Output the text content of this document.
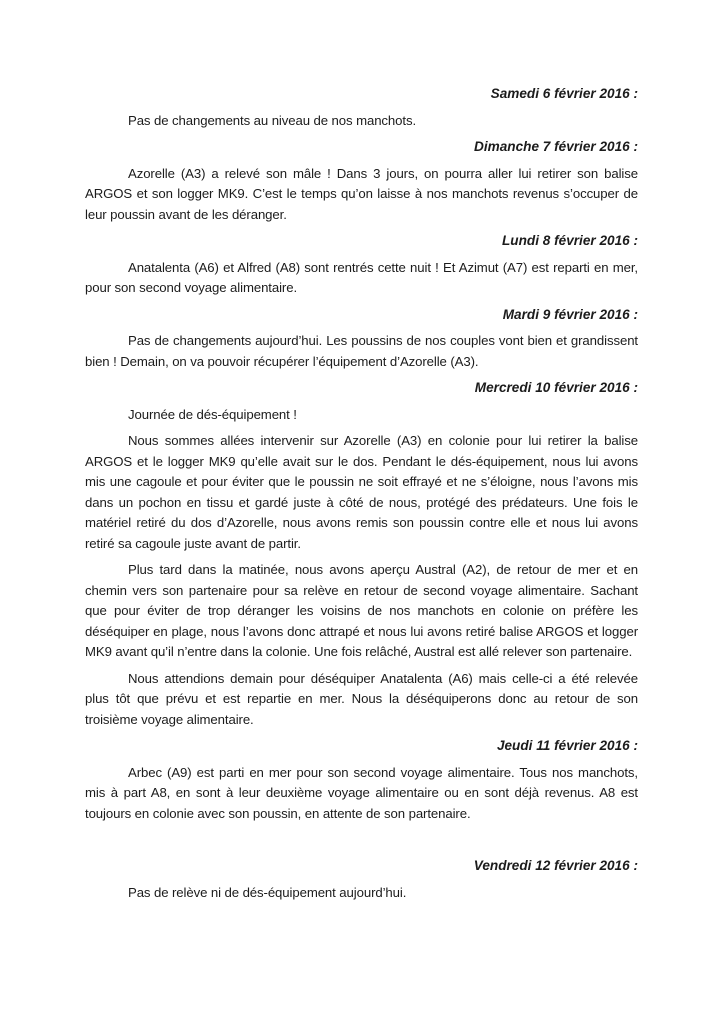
Samedi 6 février 2016 :

Pas de changements au niveau de nos manchots.

Dimanche 7 février 2016 :

Azorelle (A3) a relevé son mâle ! Dans 3 jours, on pourra aller lui retirer son balise ARGOS et son logger MK9. C’est le temps qu’on laisse à nos manchots revenus s’occuper de leur poussin avant de les déranger.

Lundi 8 février 2016 :

Anatalenta (A6) et Alfred (A8) sont rentrés cette nuit ! Et Azimut (A7) est reparti en mer, pour son second voyage alimentaire.

Mardi 9 février 2016 :

Pas de changements aujourd’hui. Les poussins de nos couples vont bien et grandissent bien ! Demain, on va pouvoir récupérer l’équipement d’Azorelle (A3).

Mercredi 10 février 2016 :

Journée de dés-équipement !

Nous sommes allées intervenir sur Azorelle (A3) en colonie pour lui retirer la balise ARGOS et le logger MK9 qu’elle avait sur le dos. Pendant le dés-équipement, nous lui avons mis une cagoule et pour éviter que le poussin ne soit effrayé et ne s’éloigne, nous l’avons mis dans un pochon en tissu et gardé juste à côté de nous, protégé des prédateurs. Une fois le matériel retiré du dos d’Azorelle, nous avons remis son poussin contre elle et nous lui avons retiré sa cagoule juste avant de partir.

Plus tard dans la matinée, nous avons aperçu Austral (A2), de retour de mer et en chemin vers son partenaire pour sa relève en retour de second voyage alimentaire. Sachant que pour éviter de trop déranger les voisins de nos manchots en colonie on préfère les déséquiper en plage, nous l’avons donc attrapé et nous lui avons retiré balise ARGOS et logger MK9 avant qu’il n’entre dans la colonie. Une fois relâché, Austral est allé relever son partenaire.

Nous attendions demain pour déséquiper Anatalenta (A6) mais celle-ci a été relevée plus tôt que prévu et est repartie en mer. Nous la déséquiperons donc au retour de son troisième voyage alimentaire.

Jeudi 11 février 2016 :

Arbec (A9) est parti en mer pour son second voyage alimentaire. Tous nos manchots, mis à part A8, en sont à leur deuxième voyage alimentaire ou en sont déjà revenus. A8 est toujours en colonie avec son poussin, en attente de son partenaire.

Vendredi 12 février 2016 :

Pas de relève ni de dés-équipement aujourd’hui.
